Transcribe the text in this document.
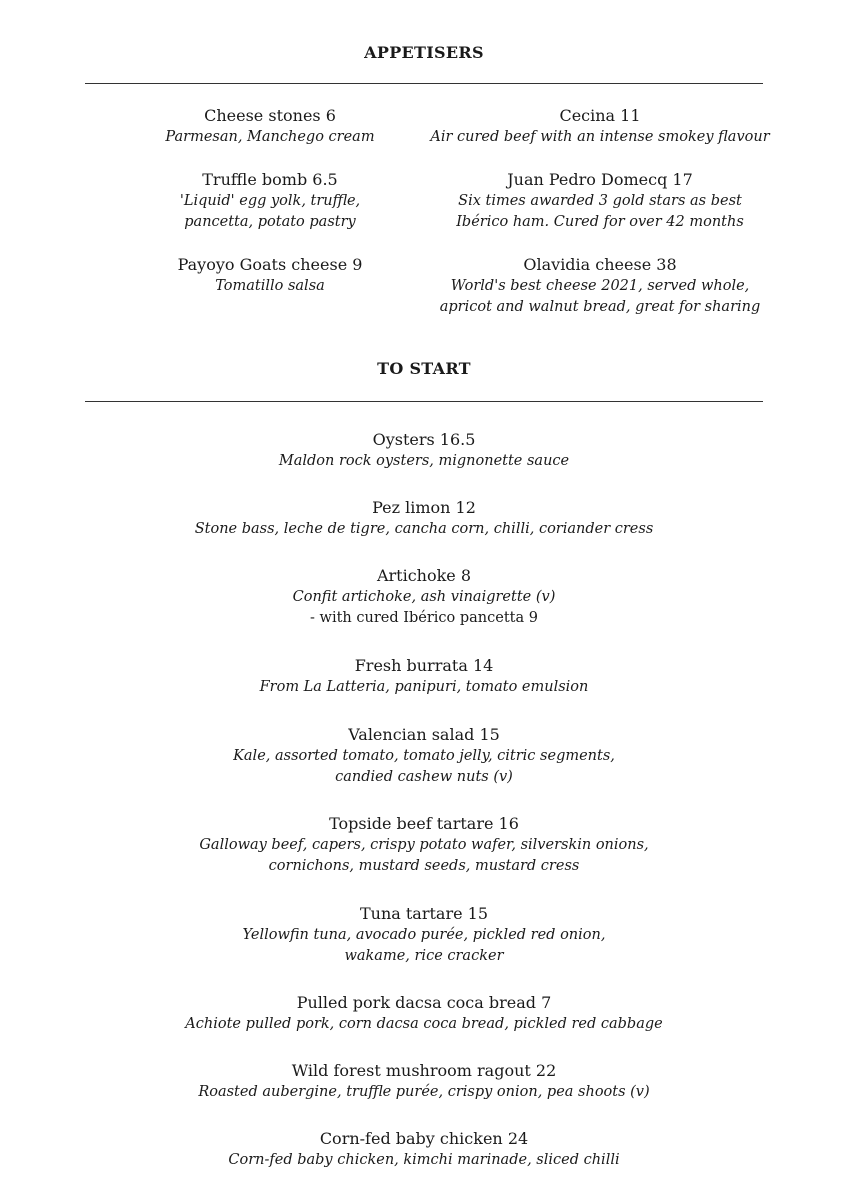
APPETISERS
Cheese stones 6
Parmesan, Manchego cream
Truffle bomb 6.5
'Liquid' egg yolk, truffle,
pancetta, potato pastry
Payoyo Goats cheese 9
Tomatillo salsa
Cecina 11
Air cured beef with an intense smokey flavour
Juan Pedro Domecq 17
Six times awarded 3 gold stars as best
Ibérico ham. Cured for over 42 months
Olavidia cheese 38
World's best cheese 2021, served whole,
apricot and walnut bread, great for sharing
TO START
Oysters 16.5
Maldon rock oysters, mignonette sauce
Pez limon 12
Stone bass, leche de tigre, cancha corn, chilli, coriander cress
Artichoke 8
Confit artichoke, ash vinaigrette (v)
- with cured Ibérico pancetta 9
Fresh burrata 14
From La Latteria, panipuri, tomato emulsion
Valencian salad 15
Kale, assorted tomato, tomato jelly, citric segments,
candied cashew nuts (v)
Topside beef tartare 16
Galloway beef, capers, crispy potato wafer, silverskin onions,
cornichons, mustard seeds, mustard cress
Tuna tartare 15
Yellowfin tuna, avocado purée, pickled red onion,
wakame, rice cracker
Pulled pork dacsa coca bread 7
Achiote pulled pork, corn dacsa coca bread, pickled red cabbage
Wild forest mushroom ragout 22
Roasted aubergine, truffle purée, crispy onion, pea shoots (v)
Corn-fed baby chicken 24
Corn-fed baby chicken, kimchi marinade, sliced chilli
